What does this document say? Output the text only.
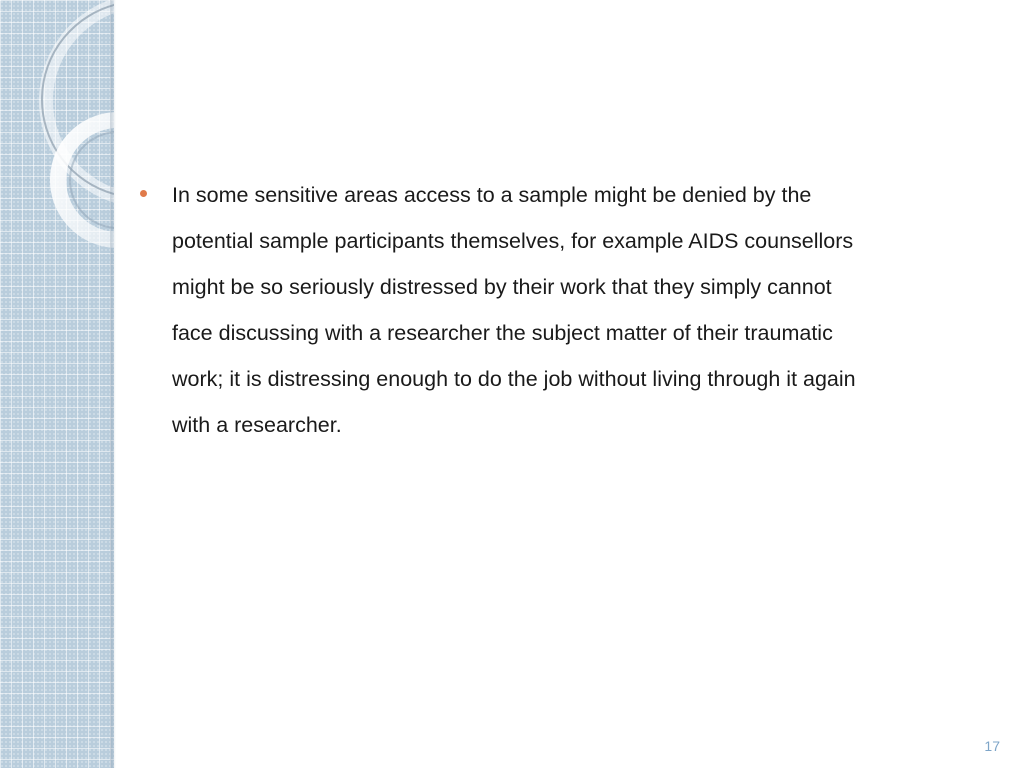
In some sensitive areas access to a sample might be denied by the
potential sample participants themselves, for example AIDS counsellors
might be so seriously distressed by their work that they simply cannot
face discussing with a researcher the subject matter of their traumatic
work; it is distressing enough to do the job without living through it again
with a researcher.

17
